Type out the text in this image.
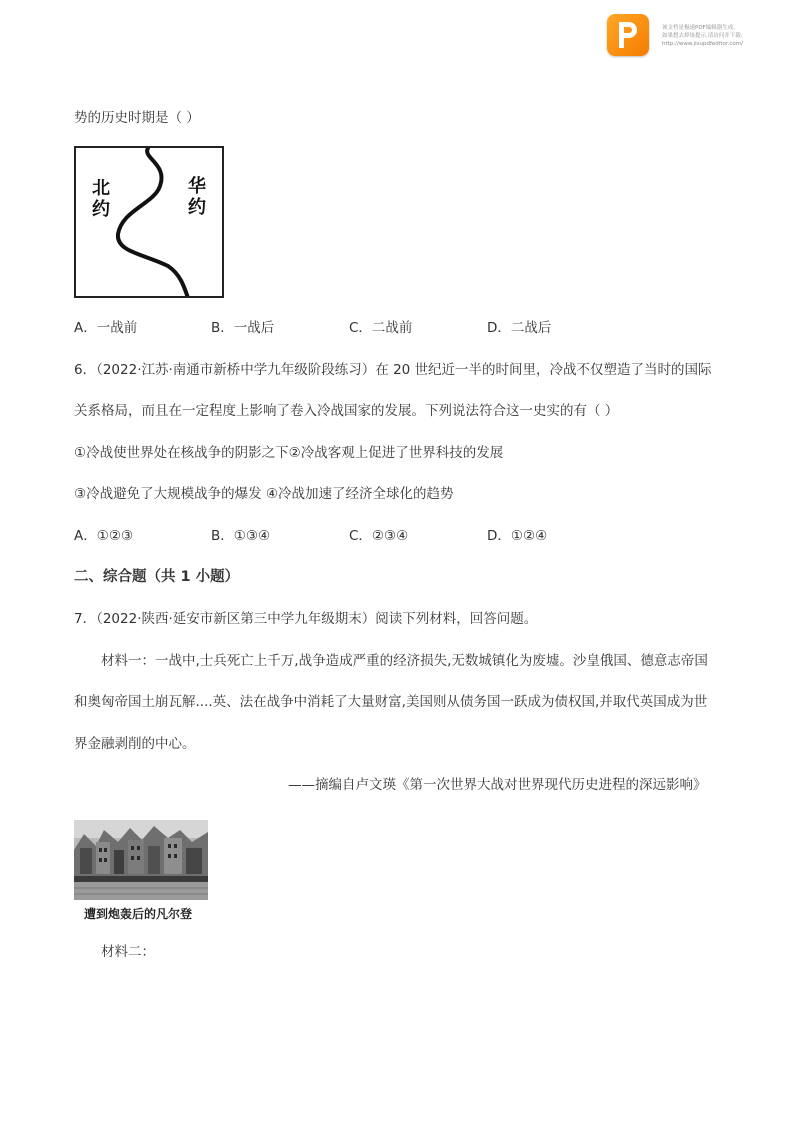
该文档是极速PDF编辑器生成,
如果想去掉该提示,请访问并下载:
http://www.jisupdfeditor.com/
势的历史时期是（ ）
北
约
华
约
A．一战前	B．一战后	C．二战前	D．二战后
6．（2022·江苏·南通市新桥中学九年级阶段练习）在 20 世纪近一半的时间里，冷战不仅塑造了当时的国际
关系格局，而且在一定程度上影响了卷入冷战国家的发展。下列说法符合这一史实的有（ ）
①冷战使世界处在核战争的阴影之下②冷战客观上促进了世界科技的发展
③冷战避免了大规模战争的爆发 ④冷战加速了经济全球化的趋势
A．①②③	B．①③④	C．②③④	D．①②④
二、综合题（共 1 小题）
7．（2022·陕西·延安市新区第三中学九年级期末）阅读下列材料，回答问题。
材料一：一战中,士兵死亡上千万,战争造成严重的经济损失,无数城镇化为废墟。沙皇俄国、德意志帝国
和奥匈帝国土崩瓦解....英、法在战争中消耗了大量财富,美国则从债务国一跃成为债权国,并取代英国成为世
界金融剥削的中心。
——摘编自卢文瑛《第一次世界大战对世界现代历史进程的深远影响》
遭到炮轰后的凡尔登
材料二：
